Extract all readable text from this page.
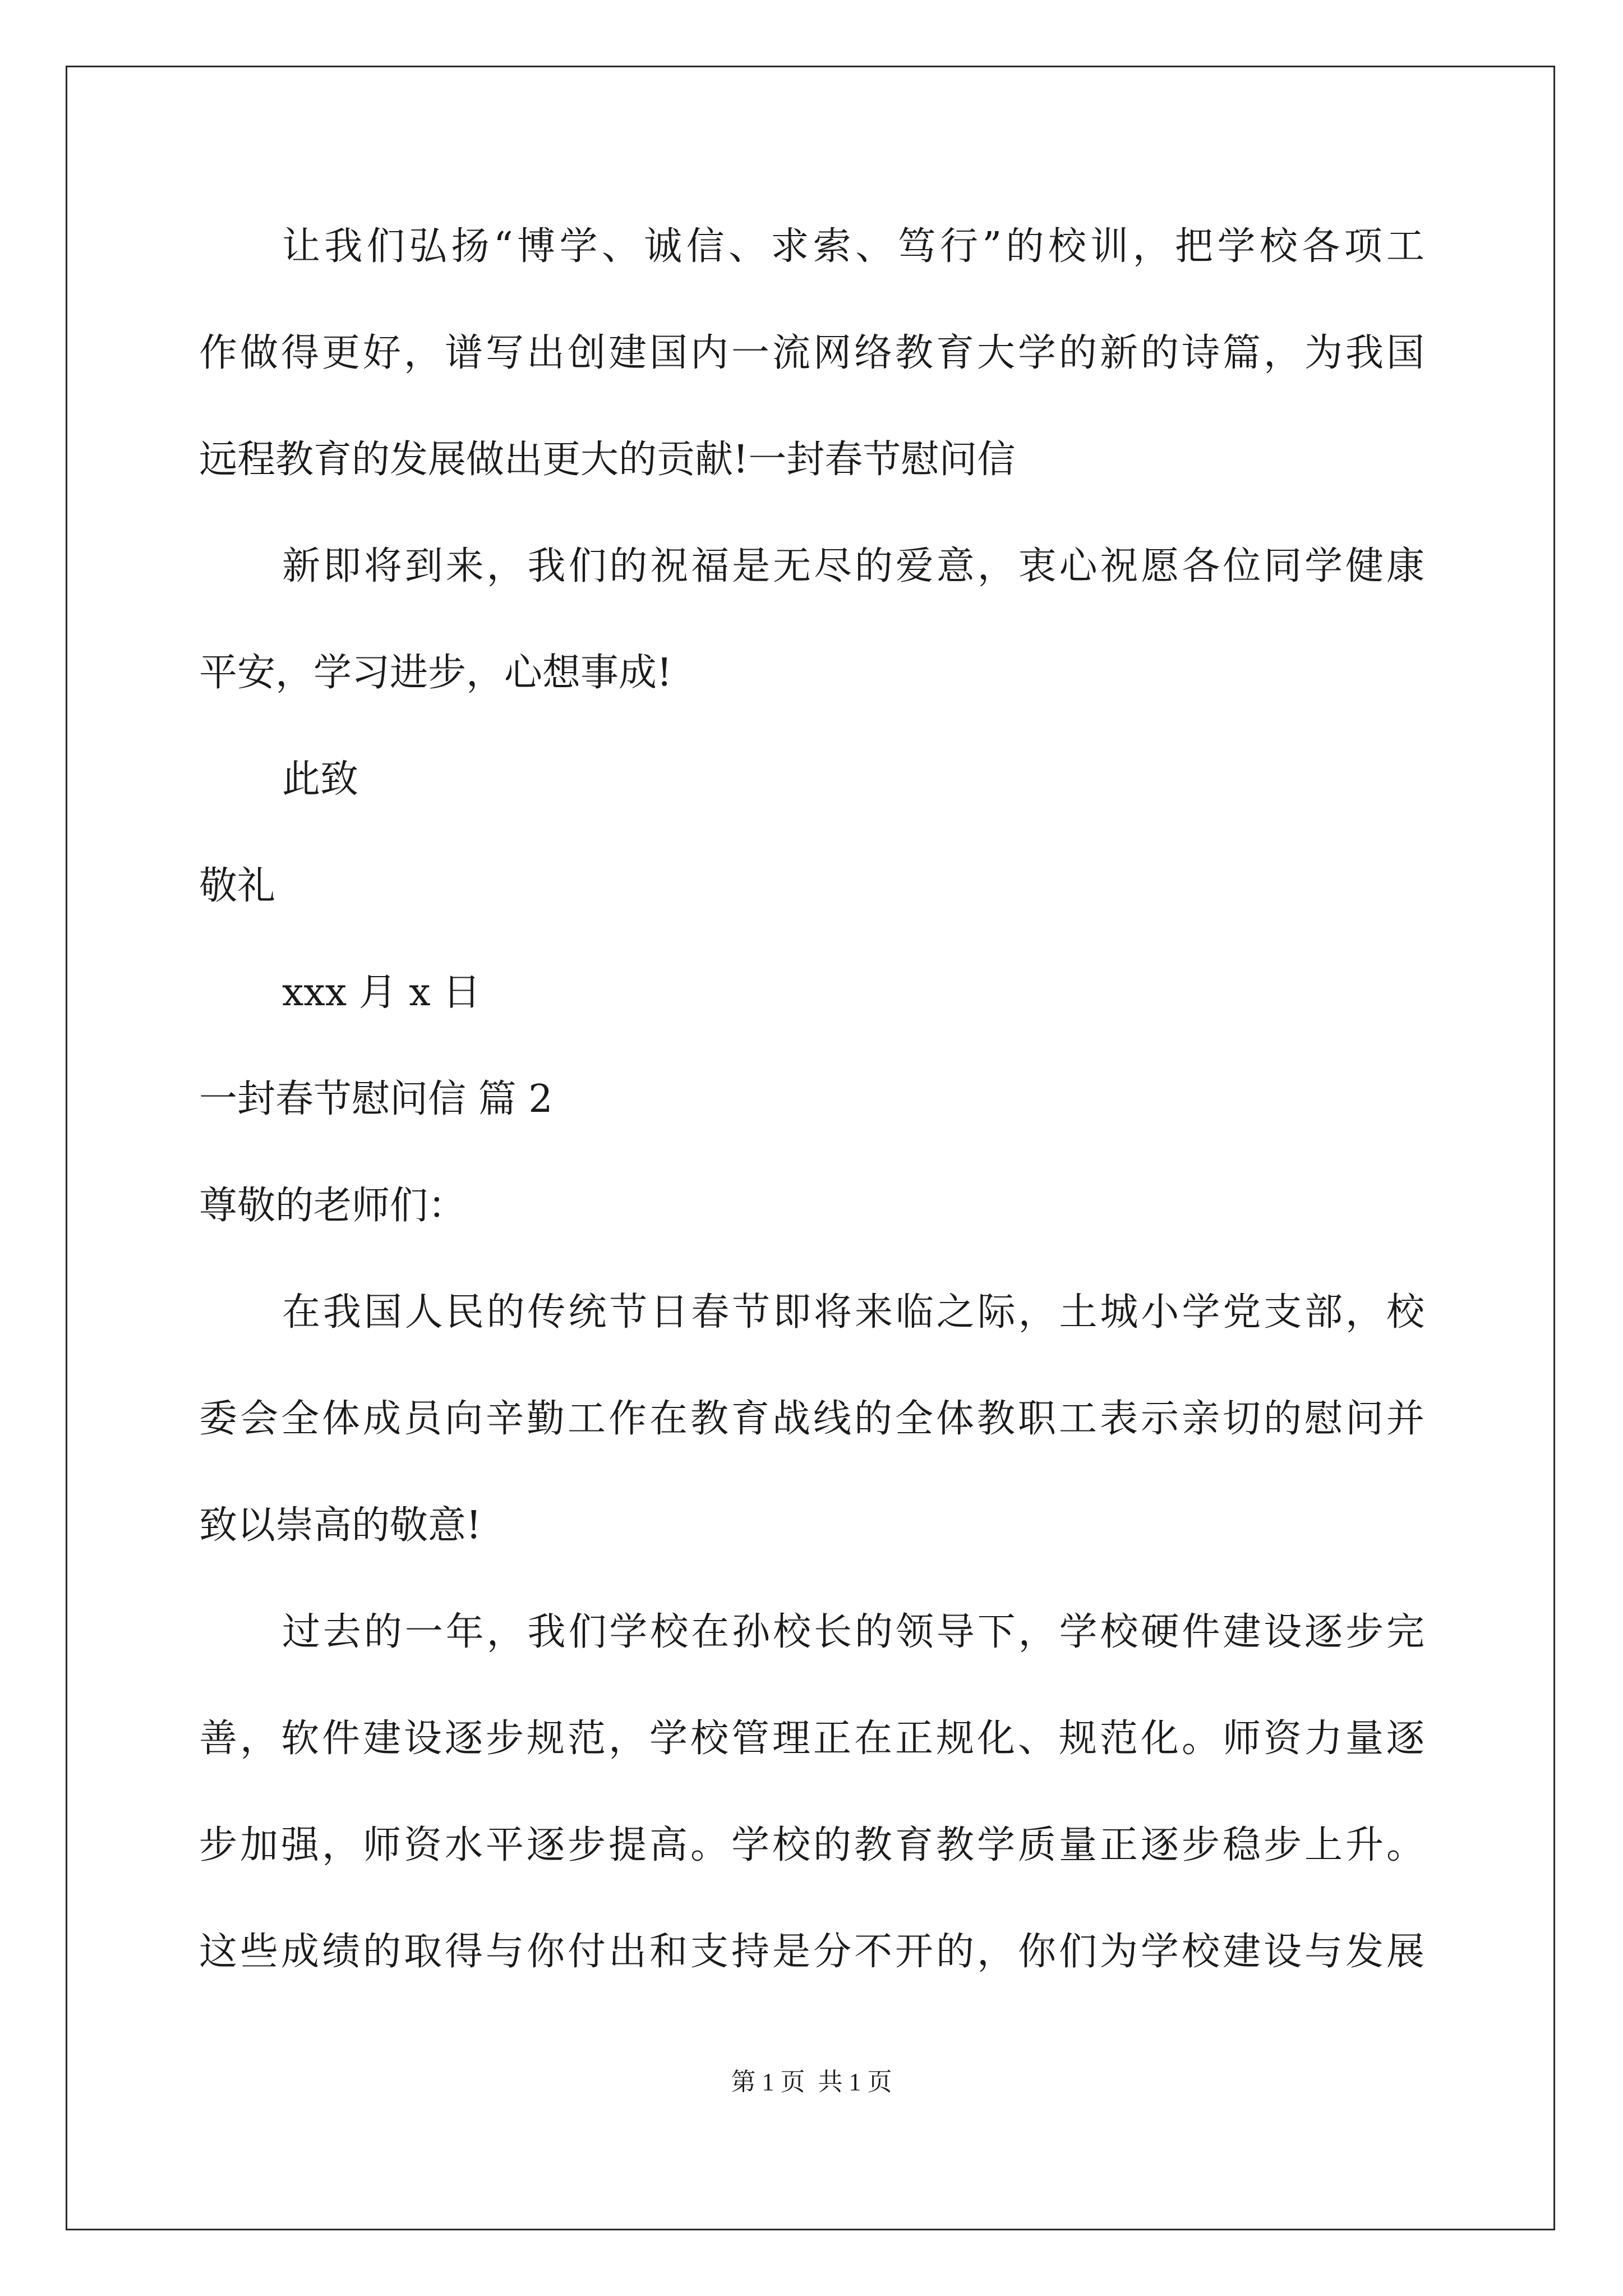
让我们弘扬“博学、诚信、求索、笃行”的校训，把学校各项工
作做得更好，谱写出创建国内一流网络教育大学的新的诗篇，为我国
远程教育的发展做出更大的贡献!一封春节慰问信
新即将到来，我们的祝福是无尽的爱意，衷心祝愿各位同学健康
平安，学习进步，心想事成!
此致
敬礼
xxx 月 x 日
一封春节慰问信 篇 2
尊敬的老师们：
在我国人民的传统节日春节即将来临之际，土城小学党支部，校
委会全体成员向辛勤工作在教育战线的全体教职工表示亲切的慰问并
致以崇高的敬意!
过去的一年，我们学校在孙校长的领导下，学校硬件建设逐步完
善，软件建设逐步规范，学校管理正在正规化、规范化。师资力量逐
步加强，师资水平逐步提高。学校的教育教学质量正逐步稳步上升。
这些成绩的取得与你付出和支持是分不开的，你们为学校建设与发展
第 1 页 共 1 页
